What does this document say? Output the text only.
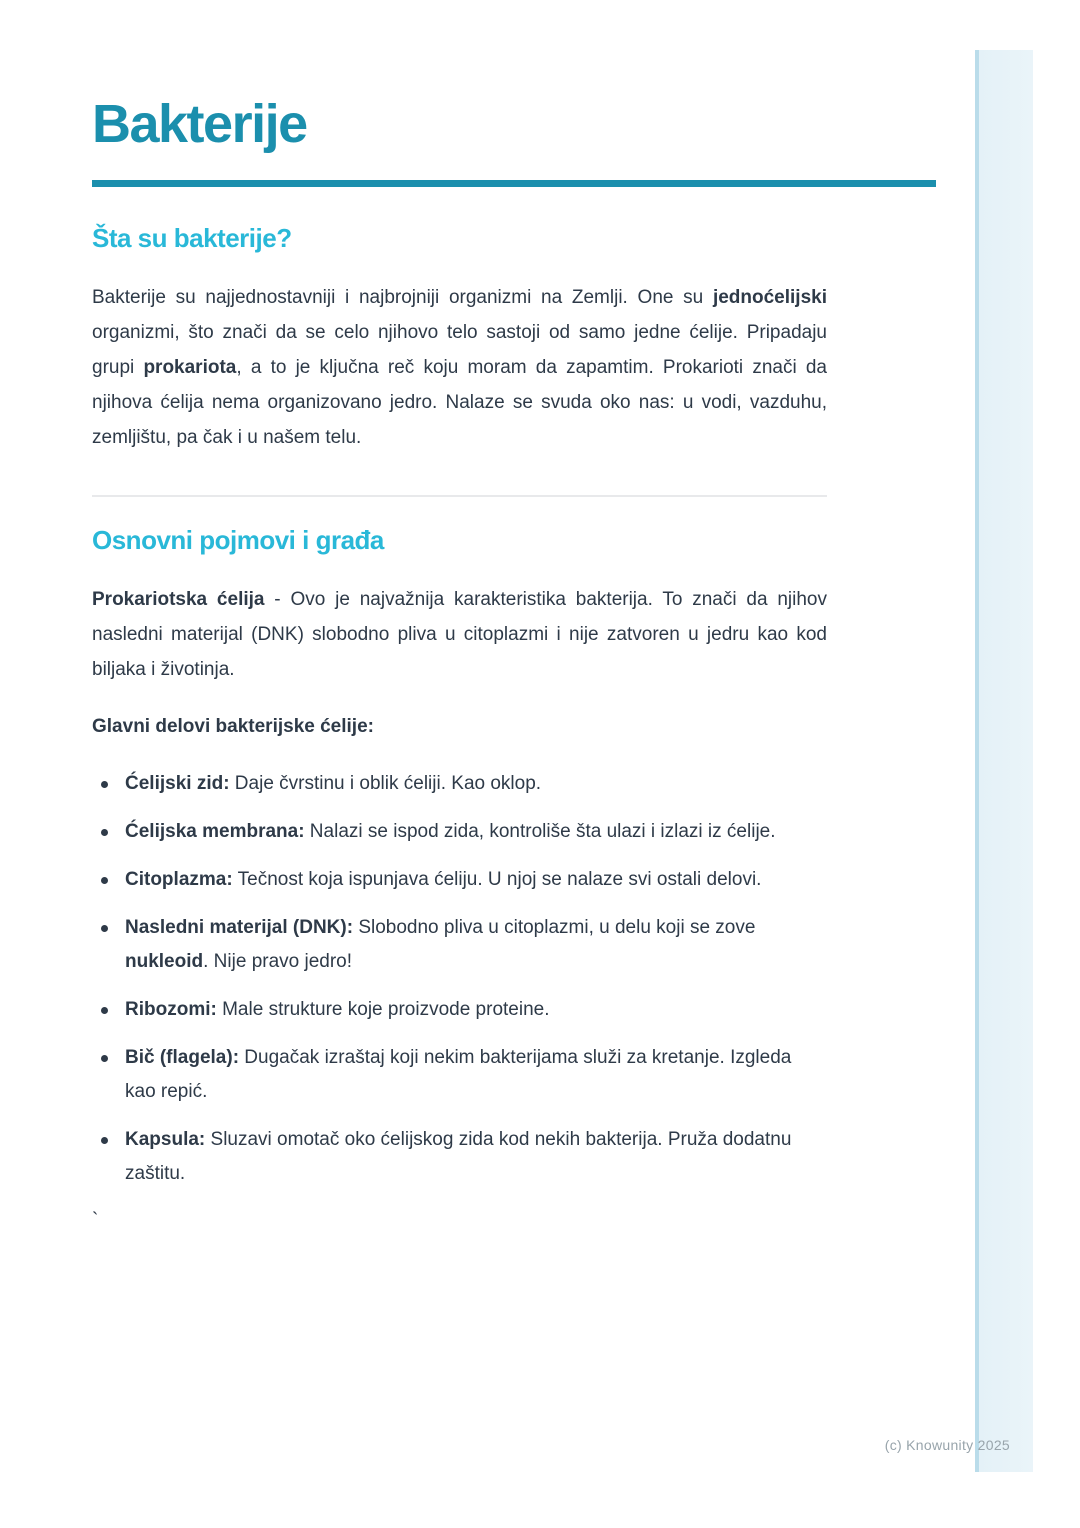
Bakterije
Šta su bakterije?

Bakterije su najjednostavniji i najbrojniji organizmi na Zemlji. One su jednoćelijski organizmi, što znači da se celo njihovo telo sastoji od samo jedne ćelije. Pripadaju grupi prokariota, a to je ključna reč koju moram da zapamtim. Prokarioti znači da njihova ćelija nema organizovano jedro. Nalaze se svuda oko nas: u vodi, vazduhu, zemljištu, pa čak i u našem telu.

Osnovni pojmovi i građa

Prokariotska ćelija - Ovo je najvažnija karakteristika bakterija. To znači da njihov nasledni materijal (DNK) slobodno pliva u citoplazmi i nije zatvoren u jedru kao kod biljaka i životinja.

Glavni delovi bakterijske ćelije:
Ćelijski zid: Daje čvrstinu i oblik ćeliji. Kao oklop.
Ćelijska membrana: Nalazi se ispod zida, kontroliše šta ulazi i izlazi iz ćelije.
Citoplazma: Tečnost koja ispunjava ćeliju. U njoj se nalaze svi ostali delovi.
Nasledni materijal (DNK): Slobodno pliva u citoplazmi, u delu koji se zove nukleoid. Nije pravo jedro!
Ribozomi: Male strukture koje proizvode proteine.
Bič (flagela): Dugačak izraštaj koji nekim bakterijama služi za kretanje. Izgleda kao repić.
Kapsula: Sluzavi omotač oko ćelijskog zida kod nekih bakterija. Pruža dodatnu zaštitu.
`
(c) Knowunity 2025
